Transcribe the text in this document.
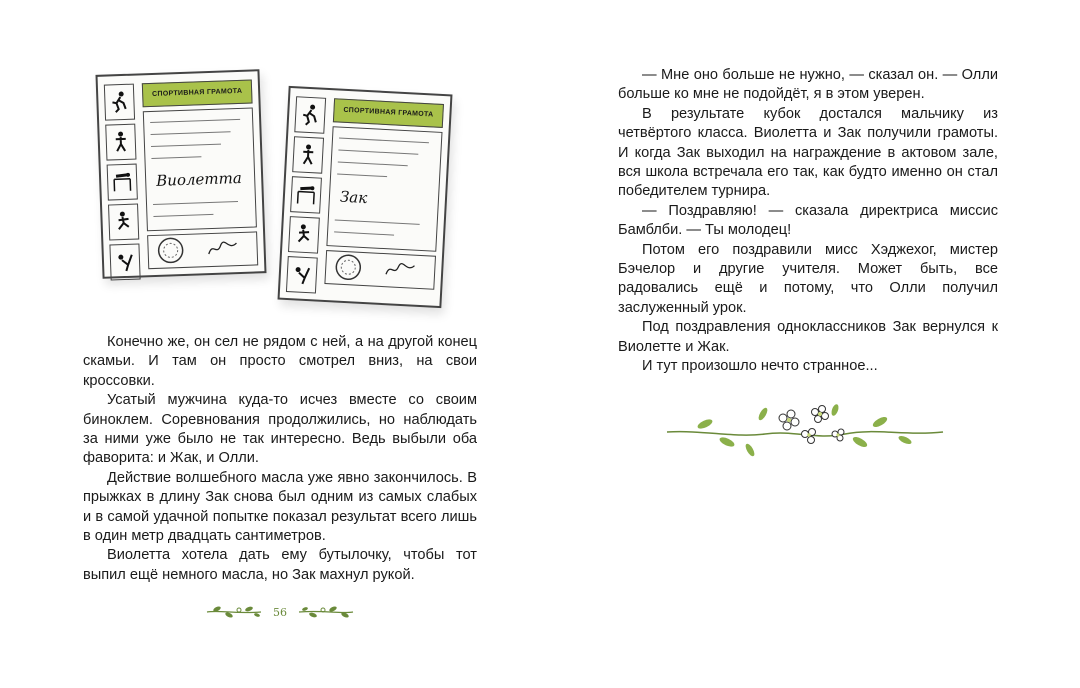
СПОРТИВНАЯ ГРАМОТА
Виолетта
СПОРТИВНАЯ ГРАМОТА
Зак

Конечно же, он сел не рядом с ней, а на другой конец скамьи. И там он просто смотрел вниз, на свои кроссовки.

Усатый мужчина куда-то исчез вместе со своим биноклем. Соревнования продолжились, но наблюдать за ними уже было не так интересно. Ведь выбыли оба фаворита: и Жак, и Олли.

Действие волшебного масла уже явно закончилось. В прыжках в длину Зак снова был одним из самых слабых и в самой удачной попытке показал результат всего лишь в один метр двадцать сантиметров.

Виолетта хотела дать ему бутылочку, чтобы тот выпил ещё немного масла, но Зак махнул рукой.

56

— Мне оно больше не нужно, — сказал он. — Олли больше ко мне не подойдёт, я в этом уверен.

В результате кубок достался мальчику из четвёртого класса. Виолетта и Зак получили грамоты. И когда Зак выходил на награждение в актовом зале, вся школа встречала его так, как будто именно он стал победителем турнира.

— Поздравляю! — сказала директриса миссис Бамблби. — Ты молодец!

Потом его поздравили мисс Хэджехог, мистер Бэчелор и другие учителя. Может быть, все радовались ещё и потому, что Олли получил заслуженный урок.

Под поздравления одноклассников Зак вернулся к Виолетте и Жак.

И тут произошло нечто странное...
